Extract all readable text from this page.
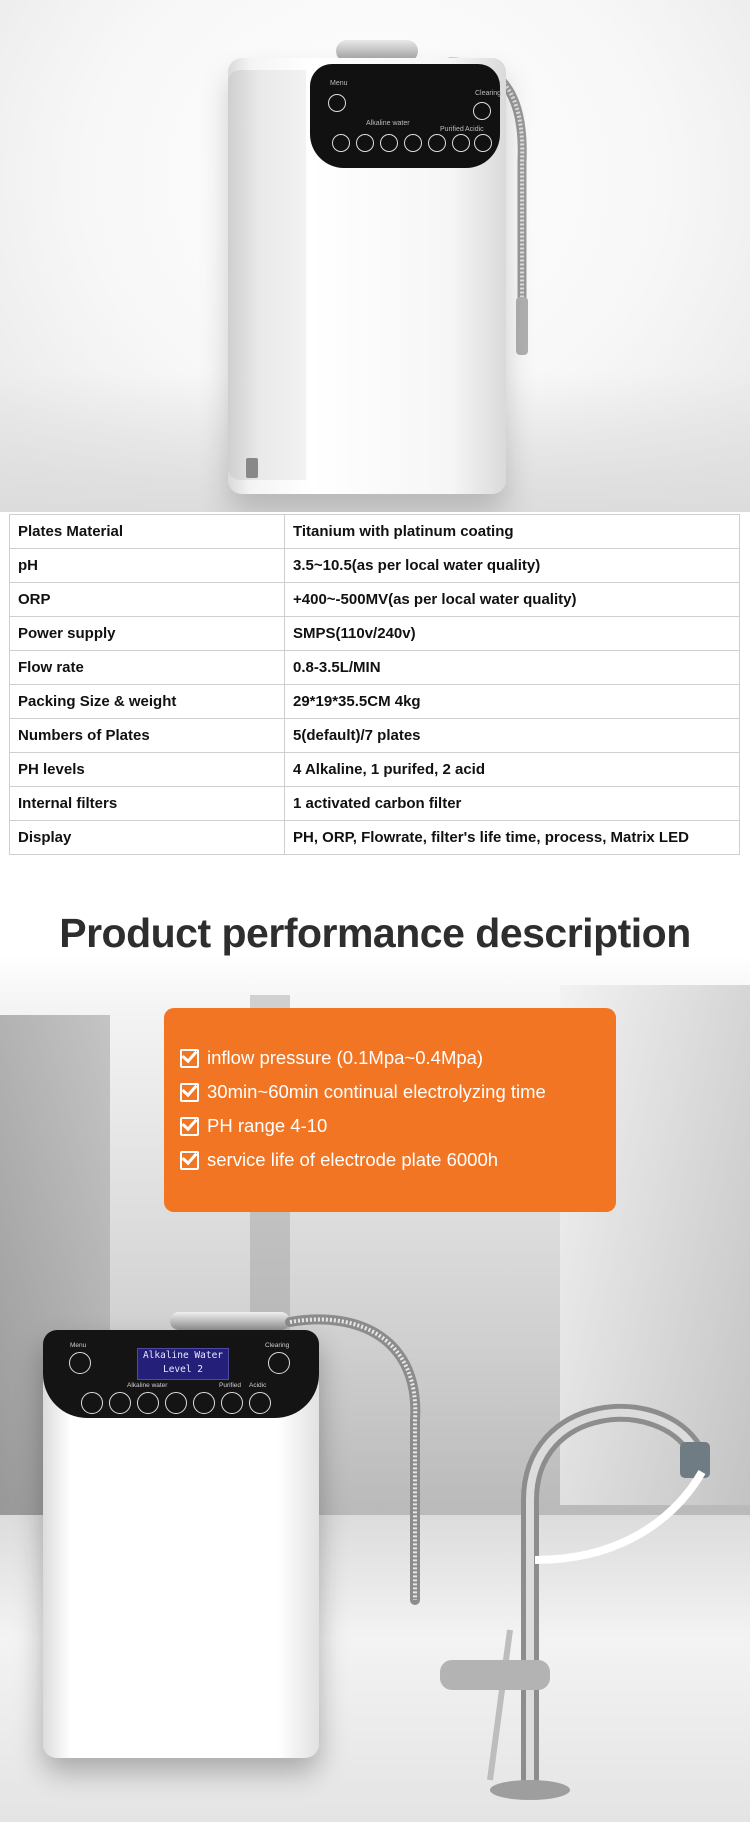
Menu
Clearing
Alkaline water
Purified Acidic
Plates Material	Titanium with platinum coating
pH	3.5~10.5(as per local water quality)
ORP	+400~-500MV(as per local water quality)
Power supply	SMPS(110v/240v)
Flow rate	0.8-3.5L/MIN
Packing Size & weight	29*19*35.5CM 4kg
Numbers of Plates	5(default)/7 plates
PH levels	4 Alkaline, 1 purifed, 2 acid
Internal filters	1 activated carbon filter
Display	PH, ORP, Flowrate, filter's life time, process, Matrix LED
Product performance description
inflow pressure (0.1Mpa~0.4Mpa)
30min~60min continual electrolyzing time
PH range 4-10
service life of electrode plate 6000h
Alkaline Water
Level 2
Menu	Clearing
Alkaline water	Purified Acidic
